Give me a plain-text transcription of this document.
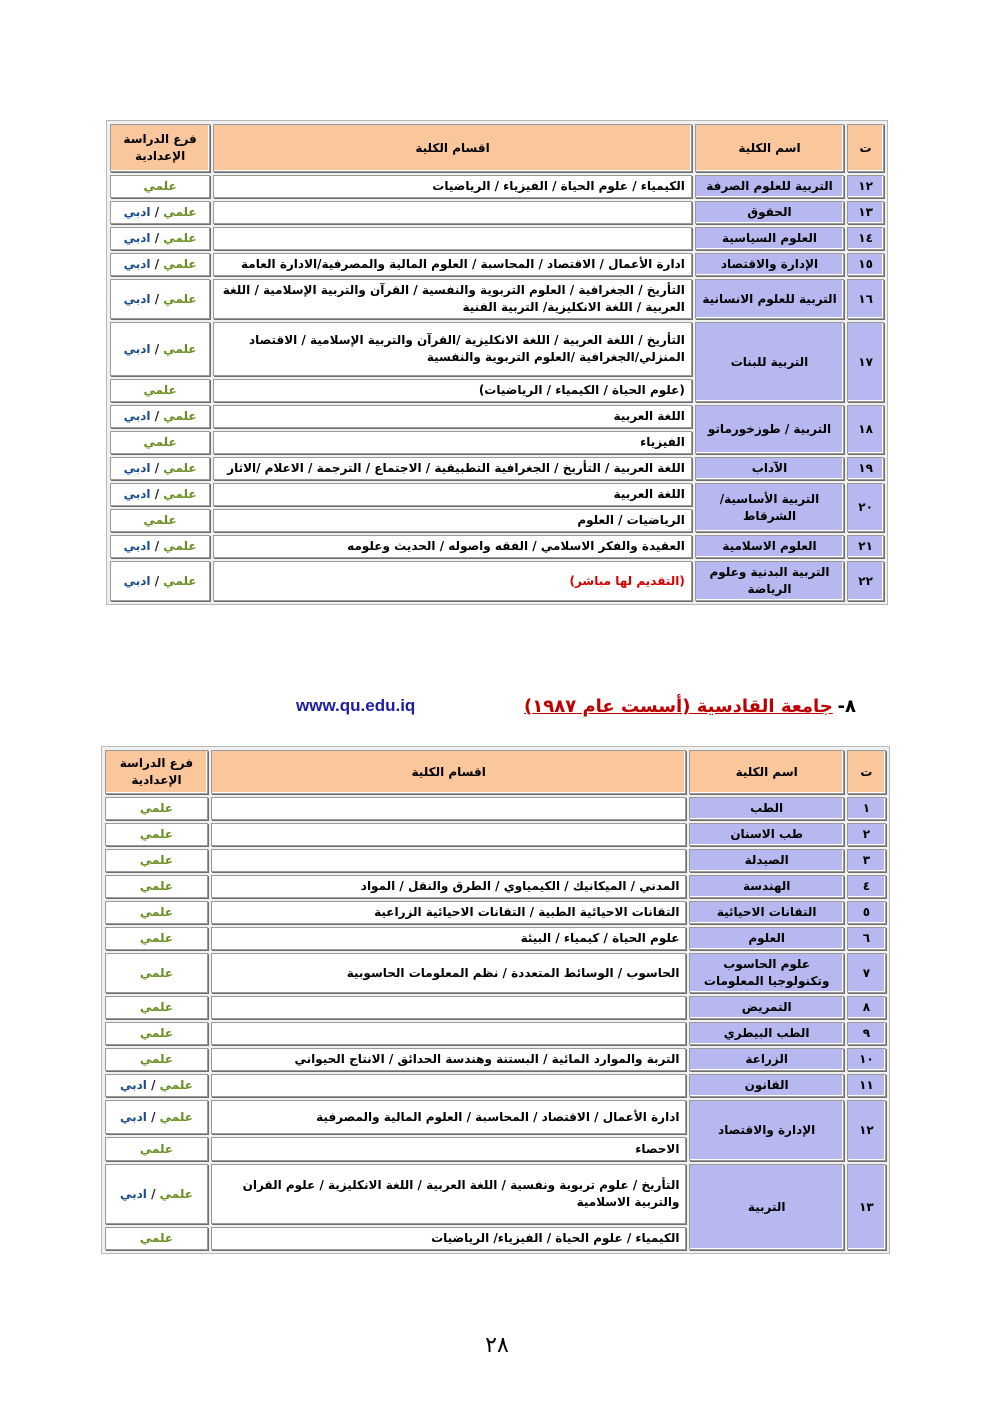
فرع الدراسة الإعدادية	اقسام الكلية	اسم الكلية	ت
علمي	الكيمياء / علوم الحياة / الفيزياء / الرياضيات	التربية للعلوم الصرفة	١٢
علمي / ادبي		الحقوق	١٣
علمي / ادبي		العلوم السياسية	١٤
علمي / ادبي	ادارة الأعمال / الاقتصاد / المحاسبة / العلوم المالية والمصرفية/الادارة العامة	الإدارة والاقتصاد	١٥
علمي / ادبي	التأريخ / الجغرافية / العلوم التربوية والنفسية / القرآن والتربية الإسلامية / اللغة العربية / اللغة الانكليزية/ التربية الفنية	التربية للعلوم الانسانية	١٦
علمي / ادبي	التأريخ / اللغة العربية / اللغة الانكليزية /القرآن والتربية الإسلامية / الاقتصاد المنزلي/الجغرافية /العلوم التربوية والنفسية	التربية للبنات	١٧
علمي	(علوم الحياة / الكيمياء / الرياضيات)		
علمي / ادبي	اللغة العربية	التربية / طوزخورماتو	١٨
علمي	الفيزياء		
علمي / ادبي	اللغة العربية / التأريخ / الجغرافية التطبيقية / الاجتماع / الترجمة / الاعلام /الاثار	الآداب	١٩
علمي / ادبي	اللغة العربية	التربية الأساسية/الشرقاط	٢٠
علمي	الرياضيات / العلوم		
علمي / ادبي	العقيدة والفكر الاسلامي / الفقه واصوله / الحديث وعلومه	العلوم الاسلامية	٢١
علمي / ادبي	(التقديم لها مباشر)	التربية البدنية وعلوم الرياضة	٢٢
www.qu.edu.iq	جامعة القادسية (أسست عام ١٩٨٧) ٨-
فرع الدراسة الإعدادية	اقسام الكلية	اسم الكلية	ت
علمي		الطب	١
علمي		طب الاسنان	٢
علمي		الصيدلة	٣
علمي	المدني / الميكانيك / الكيمياوي / الطرق والنقل / المواد	الهندسة	٤
علمي	التقانات الاحيائية الطبية / التقانات الاحيائية الزراعية	التقانات الاحيائية	٥
علمي	علوم الحياة / كيمياء / البيئة	العلوم	٦
علمي	الحاسوب / الوسائط المتعددة / نظم المعلومات الحاسوبية	علوم الحاسوب وتكنولوجيا المعلومات	٧
علمي		التمريض	٨
علمي		الطب البيطري	٩
علمي	التربة والموارد المائية / البستنة وهندسة الحدائق / الانتاج الحيواني	الزراعة	١٠
علمي / ادبي		القانون	١١
علمي / ادبي	ادارة الأعمال / الاقتصاد / المحاسبة / العلوم المالية والمصرفية	الإدارة والاقتصاد	١٢
علمي	الاحصاء		
علمي / ادبي	التأريخ / علوم تربوية ونفسية / اللغة العربية / اللغة الانكليزية / علوم القران والتربية الاسلامية	التربية	١٣
علمي	الكيمياء / علوم الحياة / الفيزياء/ الرياضيات		
٢٨
